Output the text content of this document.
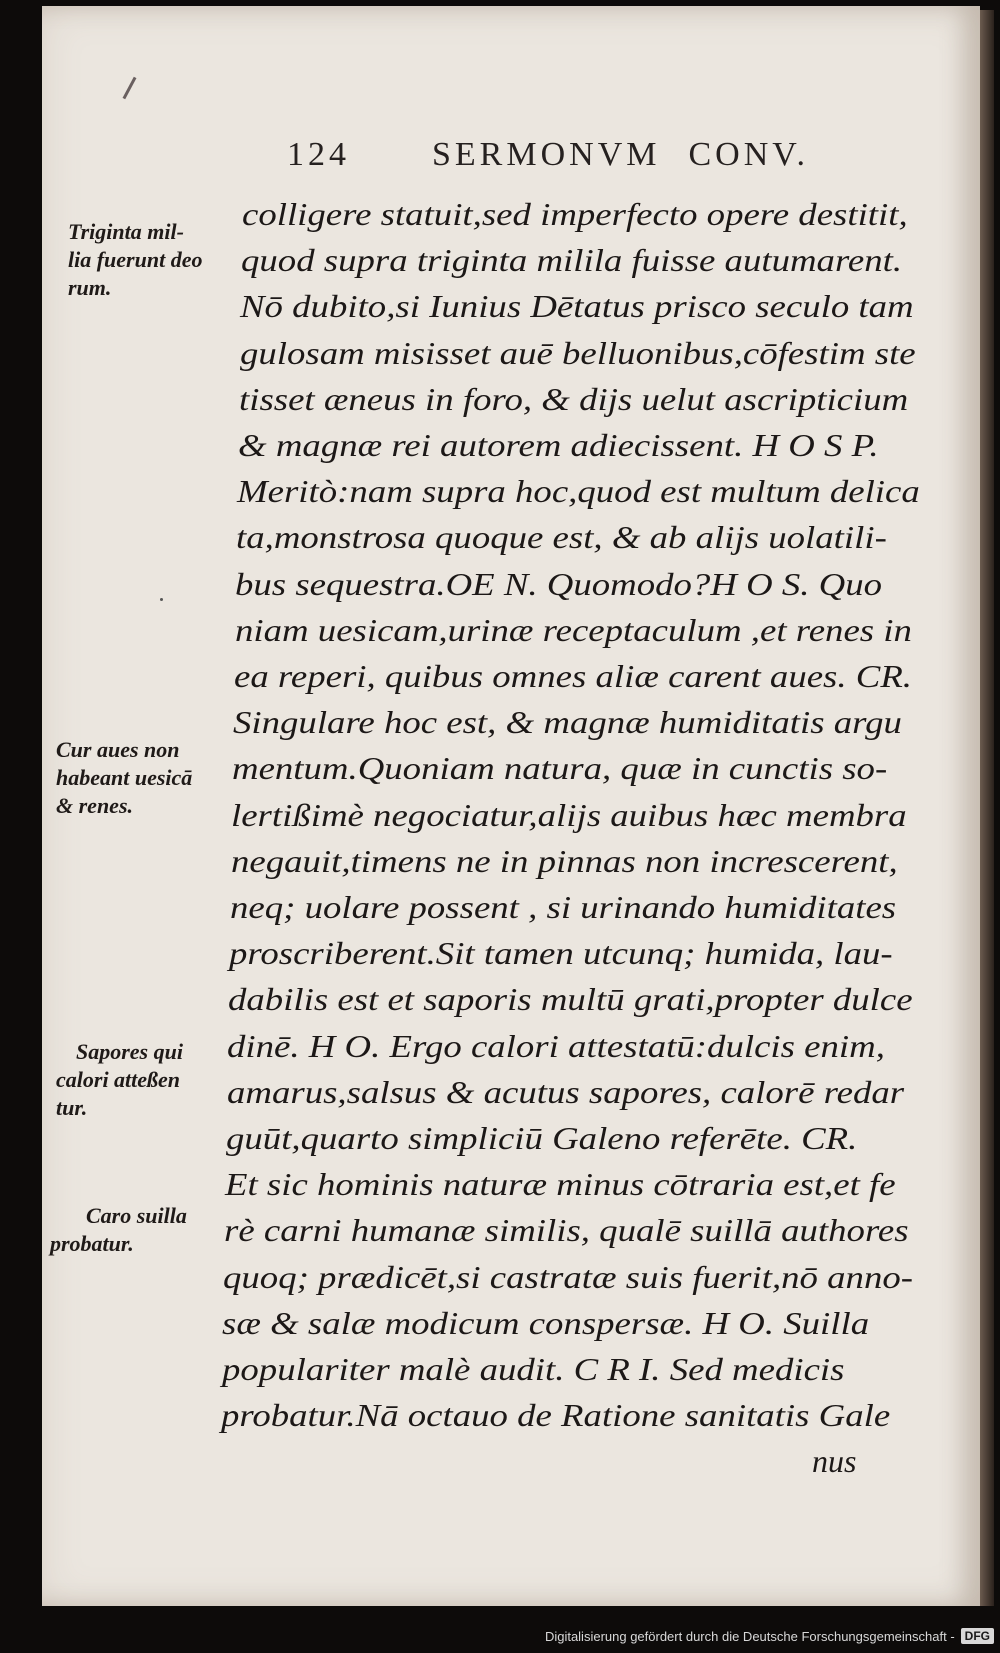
124 SERMONVM CONV.
colligere statuit,sed imperfecto opere destitit,
quod supra triginta milila fuisse autumarent.
Nō dubito,si Iunius Dētatus prisco seculo tam
gulosam misisset auē belluonibus,cōfestim ste
tisset æneus in foro, & dijs uelut ascripticium
& magnæ rei autorem adiecissent. H O S P.
Meritò:nam supra hoc,quod est multum delica
ta,monstrosa quoque est, & ab alijs uolatili-
bus sequestra.OE N. Quomodo?H O S. Quo
niam uesicam,urinæ receptaculum ,et renes in
ea reperi, quibus omnes aliæ carent aues. CR.
Singulare hoc est, & magnæ humiditatis argu
mentum.Quoniam natura, quæ in cunctis so-
lertißimè negociatur,alijs auibus hæc membra
negauit,timens ne in pinnas non increscerent,
neq; uolare possent , si urinando humiditates
proscriberent.Sit tamen utcunq; humida, lau-
dabilis est et saporis multū grati,propter dulce
dinē. H O. Ergo calori attestatū:dulcis enim,
amarus,salsus & acutus sapores, calorē redar
guūt,quarto simpliciū Galeno referēte. CR.
Et sic hominis naturæ minus cōtraria est,et fe
rè carni humanæ similis, qualē suillā authores
quoq; prædicēt,si castratæ suis fuerit,nō anno-
sæ & salæ modicum conspersæ. H O. Suilla
populariter malè audit. C R I. Sed medicis
probatur.Nā octauo de Ratione sanitatis Gale
nus
Triginta mil-
lia fuerunt deo
rum.
Cur aues non
habeant uesicā
& renes.
Sapores qui
calori atteßen
tur.
Caro suilla
probatur.
Digitalisierung gefördert durch die Deutsche Forschungsgemeinschaft - DFG
